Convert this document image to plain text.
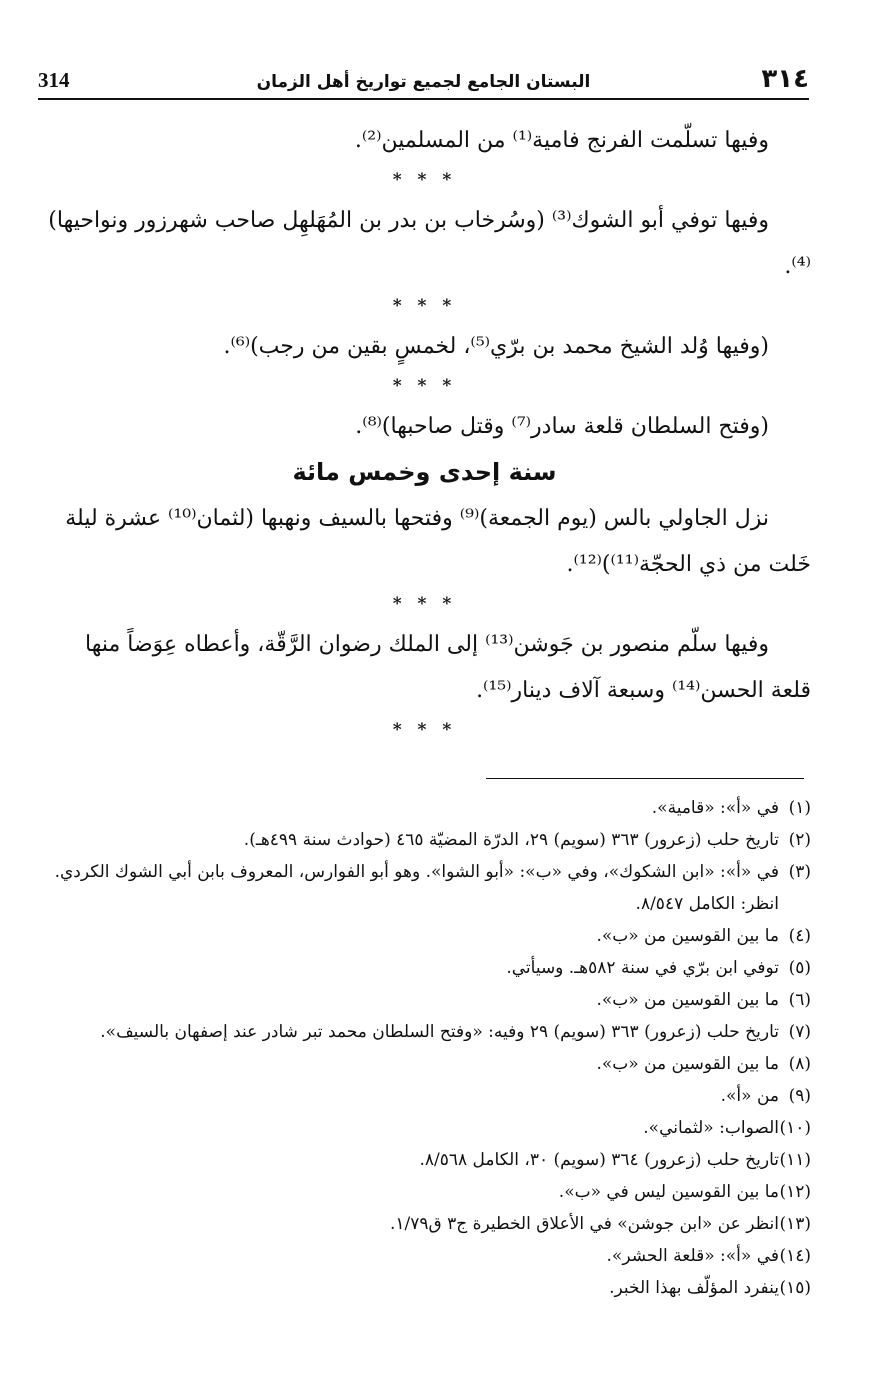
314	البستان الجامع لجميع تواريخ أهل الزمان	٣١٤

وفيها تسلّمت الفرنج فامية⁽¹⁾ من المسلمين⁽²⁾.

* * *

وفيها توفي أبو الشوك⁽³⁾ (وسُرخاب بن بدر بن المُهَلهِل صاحب شهرزور ونواحيها)⁽⁴⁾.

* * *

(وفيها وُلد الشيخ محمد بن برّي⁽⁵⁾، لخمسٍ بقين من رجب)⁽⁶⁾.

* * *

(وفتح السلطان قلعة سادر⁽⁷⁾ وقتل صاحبها)⁽⁸⁾.

سنة إحدى وخمس مائة

نزل الجاولي بالس (يوم الجمعة)⁽⁹⁾ وفتحها بالسيف ونهبها (لثمان⁽¹⁰⁾ عشرة ليلة خَلت من ذي الحجّة⁽¹¹⁾)⁽¹²⁾.

* * *

وفيها سلّم منصور بن جَوشن⁽¹³⁾ إلى الملك رضوان الرَّقّة، وأعطاه عِوَضاً منها قلعة الحسن⁽¹⁴⁾ وسبعة آلاف دينار⁽¹⁵⁾.

* * *
(١)
في «أ»: «قامية».
(٢)
تاريخ حلب (زعرور) ٣٦٣ (سويم) ٢٩، الدرّة المضيّة ٤٦٥ (حوادث سنة ٤٩٩هـ).
(٣)
في «أ»: «ابن الشكوك»، وفي «ب»: «أبو الشوا». وهو أبو الفوارس، المعروف بابن أبي الشوك الكردي. انظر: الكامل ٨/٥٤٧.
(٤)
ما بين القوسين من «ب».
(٥)
توفي ابن برّي في سنة ٥٨٢هـ. وسيأتي.
(٦)
ما بين القوسين من «ب».
(٧)
تاريخ حلب (زعرور) ٣٦٣ (سويم) ٢٩ وفيه: «وفتح السلطان محمد تبر شادر عند إصفهان بالسيف».
(٨)
ما بين القوسين من «ب».
(٩)
من «أ».
(١٠)
الصواب: «لثماني».
(١١)
تاريخ حلب (زعرور) ٣٦٤ (سويم) ٣٠، الكامل ٨/٥٦٨.
(١٢)
ما بين القوسين ليس في «ب».
(١٣)
انظر عن «ابن جوشن» في الأعلاق الخطيرة ج٣ ق١/٧٩.
(١٤)
في «أ»: «قلعة الحشر».
(١٥)
ينفرد المؤلّف بهذا الخبر.
